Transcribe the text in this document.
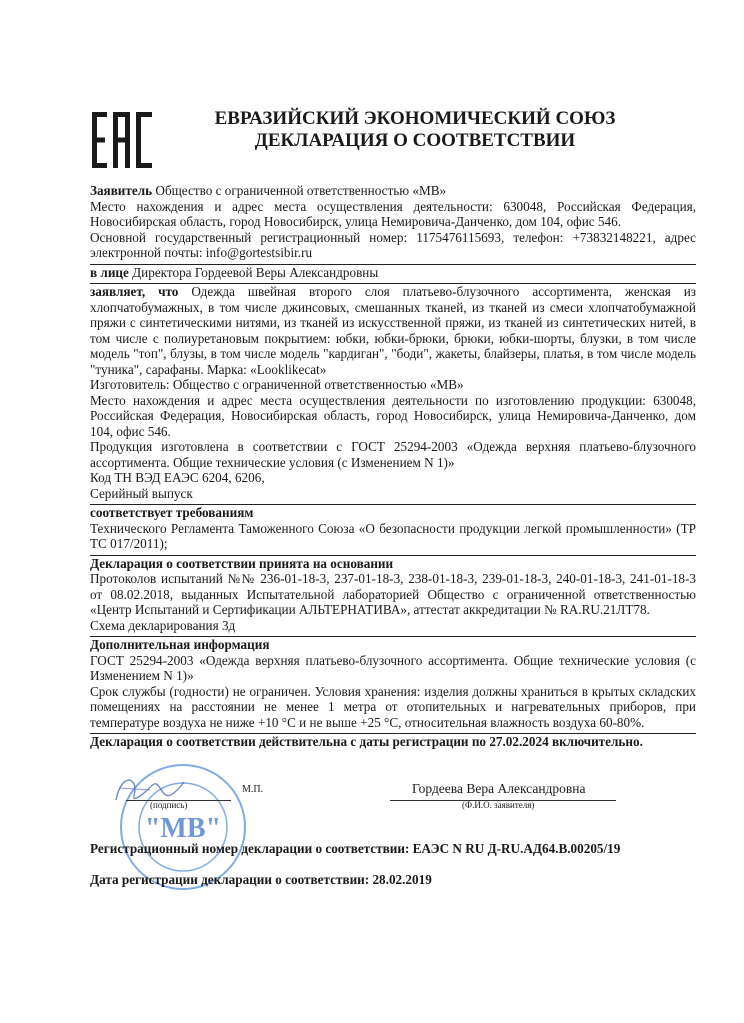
ЕВРАЗИЙСКИЙ ЭКОНОМИЧЕСКИЙ СОЮЗ
ДЕКЛАРАЦИЯ О СООТВЕТСТВИИ

Заявитель Общество с ограниченной ответственностью «МВ»

Место нахождения и адрес места осуществления деятельности: 630048, Российская Федерация, Новосибирская область, город Новосибирск, улица Немировича-Данченко, дом 104, офис 546.

Основной государственный регистрационный номер: 1175476115693, телефон: +73832148221, адрес электронной почты: info@gortestsibir.ru

в лице Директора Гордеевой Веры Александровны

заявляет, что Одежда швейная второго слоя платьево-блузочного ассортимента, женская из хлопчатобумажных, в том числе джинсовых, смешанных тканей, из тканей из смеси хлопчатобумажной пряжи с синтетическими нитями, из тканей из искусственной пряжи, из тканей из синтетических нитей, в том числе с полиуретановым покрытием: юбки, юбки-брюки, брюки, юбки-шорты, блузки, в том числе модель "топ", блузы, в том числе модель "кардиган", "боди", жакеты, блайзеры, платья, в том числе модель "туника", сарафаны. Марка: «Looklikecat»

Изготовитель: Общество с ограниченной ответственностью «МВ»

Место нахождения и адрес места осуществления деятельности по изготовлению продукции: 630048, Российская Федерация, Новосибирская область, город Новосибирск, улица Немировича-Данченко, дом 104, офис 546.

Продукция изготовлена в соответствии с ГОСТ 25294-2003 «Одежда верхняя платьево-блузочного ассортимента. Общие технические условия (с Изменением N 1)»

Код ТН ВЭД ЕАЭС 6204, 6206,

Серийный выпуск

соответствует требованиям

Технического Регламента Таможенного Союза «О безопасности продукции легкой промышленности» (ТР ТС 017/2011);

Декларация о соответствии принята на основании

Протоколов испытаний №№ 236-01-18-3, 237-01-18-3, 238-01-18-3, 239-01-18-3, 240-01-18-3, 241-01-18-3 от 08.02.2018, выданных Испытательной лабораторией Общество с ограниченной ответственностью «Центр Испытаний и Сертификации АЛЬТЕРНАТИВА», аттестат аккредитации № RA.RU.21ЛТ78.

Схема декларирования 3д

Дополнительная информация

ГОСТ 25294-2003 «Одежда верхняя платьево-блузочного ассортимента. Общие технические условия (с Изменением N 1)»

Срок службы (годности) не ограничен. Условия хранения: изделия должны храниться в крытых складских помещениях на расстоянии не менее 1 метра от отопительных и нагревательных приборов, при температуре воздуха не ниже +10 °С и не выше +25 °С, относительная влажность воздуха 60-80%.

Декларация о соответствии действительна с даты регистрации по 27.02.2024 включительно.

"МВ"
М.П.
(подпись)
Гордеева Вера Александровна
(Ф.И.О. заявителя)
Регистрационный номер декларации о соответствии: ЕАЭС N RU Д-RU.АД64.В.00205/19
Дата регистрации декларации о соответствии: 28.02.2019
